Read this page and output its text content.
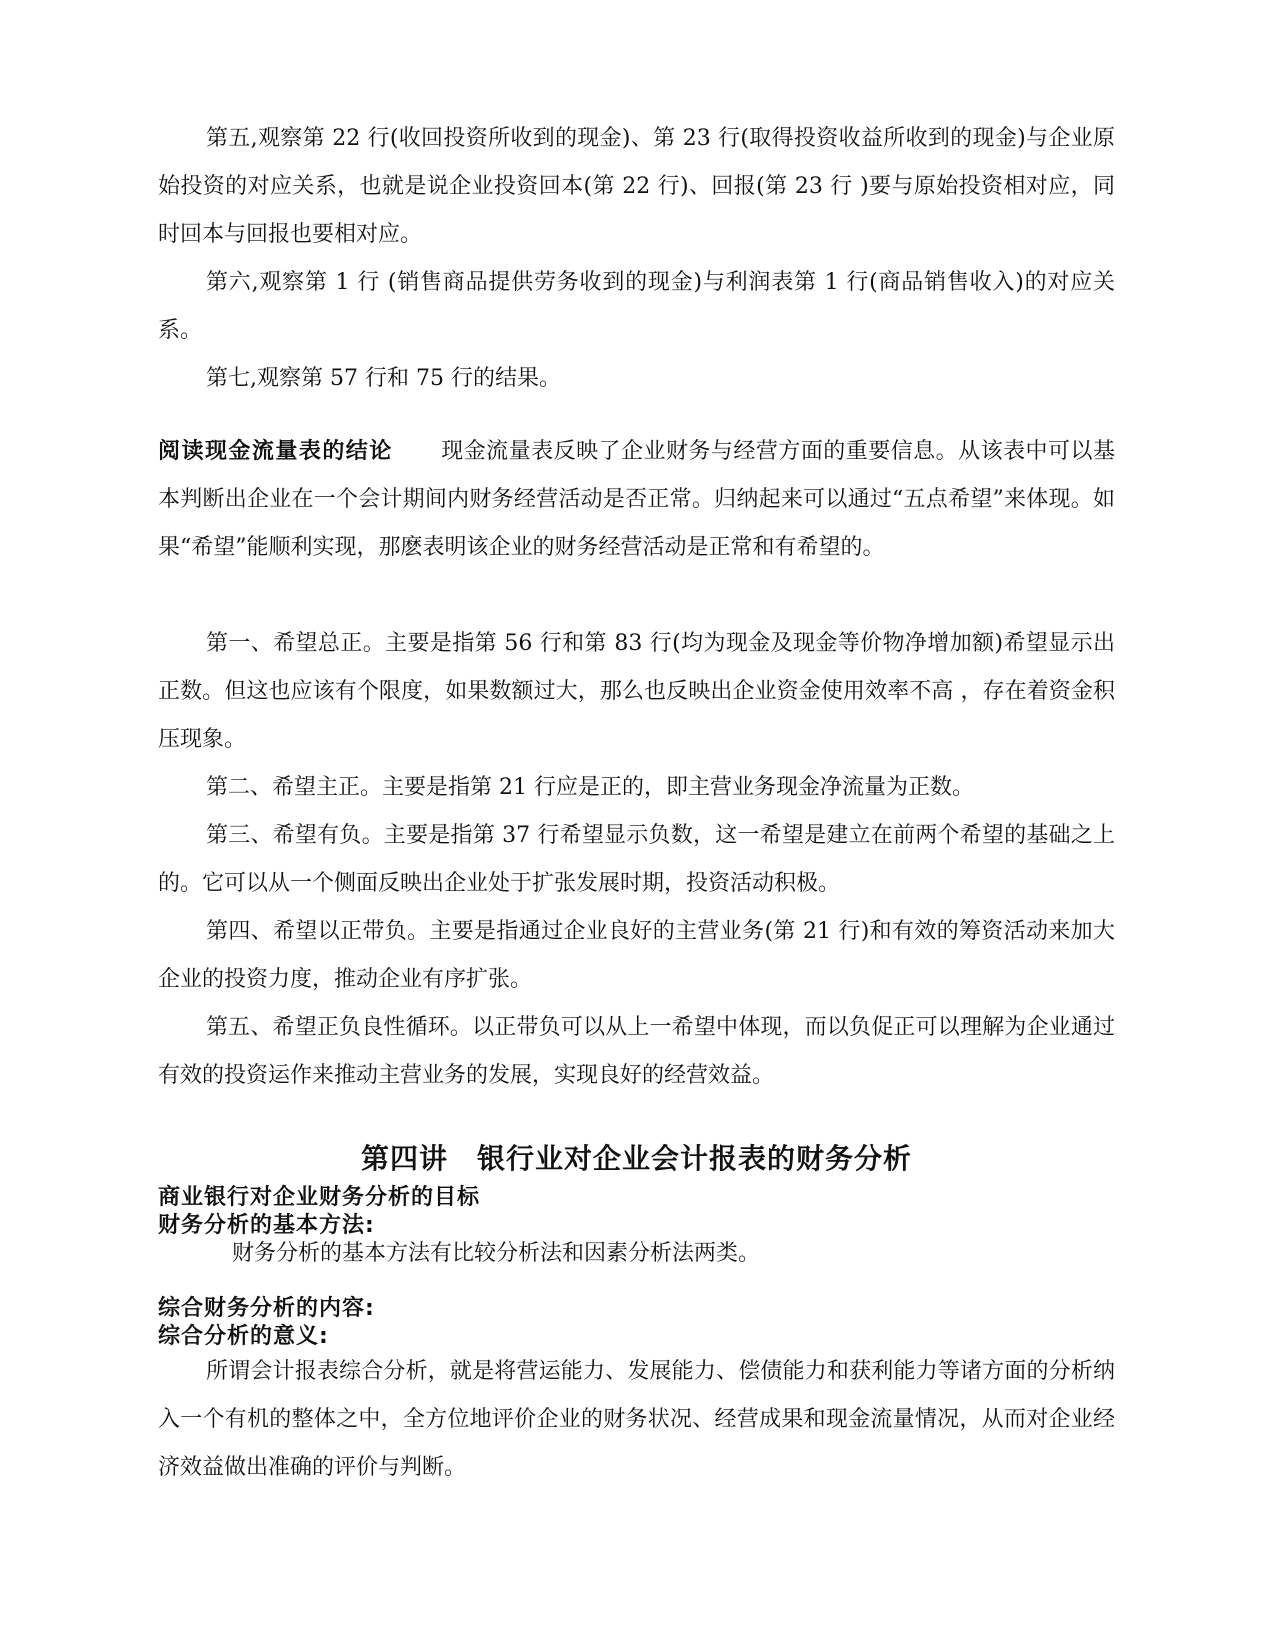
第五,观察第 22 行(收回投资所收到的现金)、第 23 行(取得投资收益所收到的现金)与企业原始投资的对应关系，也就是说企业投资回本(第 22 行)、回报(第 23 行 )要与原始投资相对应，同时回本与回报也要相对应。

第六,观察第 1 行 (销售商品提供劳务收到的现金)与利润表第 1 行(商品销售收入)的对应关系。

第七,观察第 57 行和 75 行的结果。

阅读现金流量表的结论 现金流量表反映了企业财务与经营方面的重要信息。从该表中可以基本判断出企业在一个会计期间内财务经营活动是否正常。归纳起来可以通过“五点希望”来体现。如果“希望”能顺利实现，那麽表明该企业的财务经营活动是正常和有希望的。

第一、希望总正。主要是指第 56 行和第 83 行(均为现金及现金等价物净增加额)希望显示出正数。但这也应该有个限度，如果数额过大，那么也反映出企业资金使用效率不高 ，存在着资金积压现象。

第二、希望主正。主要是指第 21 行应是正的，即主营业务现金净流量为正数。

第三、希望有负。主要是指第 37 行希望显示负数，这一希望是建立在前两个希望的基础之上的。它可以从一个侧面反映出企业处于扩张发展时期，投资活动积极。

第四、希望以正带负。主要是指通过企业良好的主营业务(第 21 行)和有效的筹资活动来加大企业的投资力度，推动企业有序扩张。

第五、希望正负良性循环。以正带负可以从上一希望中体现，而以负促正可以理解为企业通过有效的投资运作来推动主营业务的发展，实现良好的经营效益。

第四讲　银行业对企业会计报表的财务分析
商业银行对企业财务分析的目标
财务分析的基本方法:

财务分析的基本方法有比较分析法和因素分析法两类。

综合财务分析的内容:
综合分析的意义:

所谓会计报表综合分析，就是将营运能力、发展能力、偿债能力和获利能力等诸方面的分析纳入一个有机的整体之中，全方位地评价企业的财务状况、经营成果和现金流量情况，从而对企业经济效益做出准确的评价与判断。
